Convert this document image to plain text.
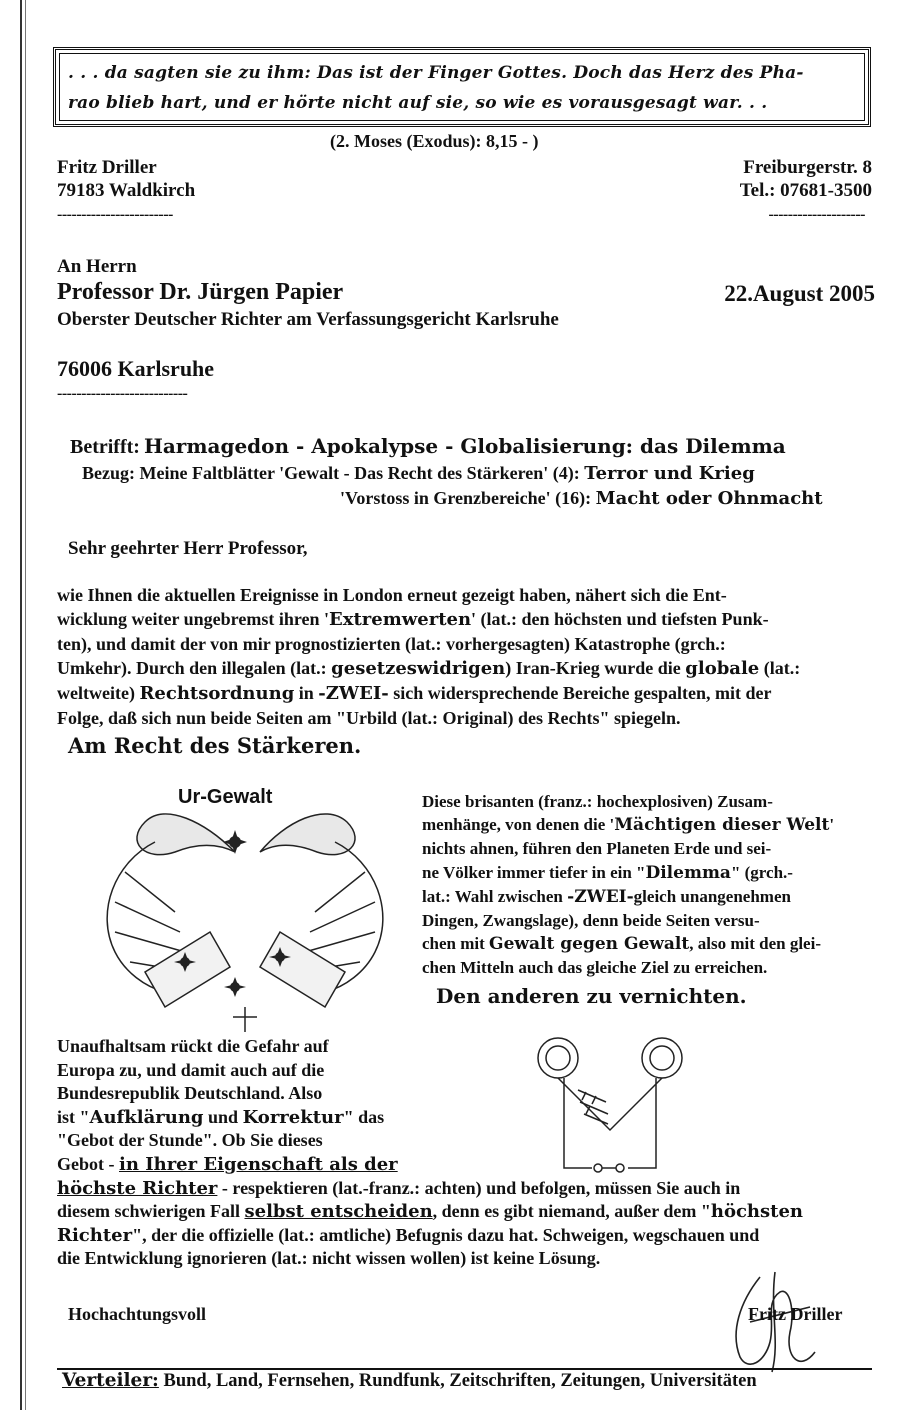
. . . da sagten sie zu ihm: Das ist der Finger Gottes. Doch das Herz des Pha-
rao blieb hart, und er hörte nicht auf sie, so wie es vorausgesagt war. . .
(2. Moses (Exodus): 8,15 - )
Fritz Driller
79183 Waldkirch
------------------------
Freiburgerstr. 8
Tel.: 07681-3500
--------------------
An Herrn
Professor Dr. Jürgen Papier	22.August 2005
Oberster Deutscher Richter am Verfassungsgericht Karlsruhe
76006 Karlsruhe
---------------------------
Betrifft: Harmagedon - Apokalypse - Globalisierung: das Dilemma
Bezug: Meine Faltblätter 'Gewalt - Das Recht des Stärkeren' (4): Terror und Krieg
'Vorstoss in Grenzbereiche' (16): Macht oder Ohnmacht
Sehr geehrter Herr Professor,
wie Ihnen die aktuellen Ereignisse in London erneut gezeigt haben, nähert sich die Ent-
wicklung weiter ungebremst ihren 'Extremwerten' (lat.: den höchsten und tiefsten Punk-
ten), und damit der von mir prognostizierten (lat.: vorhergesagten) Katastrophe (grch.:
Umkehr). Durch den illegalen (lat.: gesetzeswidrigen) Iran-Krieg wurde die globale (lat.:
weltweite) Rechtsordnung in -ZWEI- sich widersprechende Bereiche gespalten, mit der
Folge, daß sich nun beide Seiten am "Urbild (lat.: Original) des Rechts" spiegeln.
Am Recht des Stärkeren.
Ur-Gewalt	Diese brisanten (franz.: hochexplosiven) Zusam-
menhänge, von denen die 'Mächtigen dieser Welt'
nichts ahnen, führen den Planeten Erde und sei-
ne Völker immer tiefer in ein "Dilemma" (grch.-
lat.: Wahl zwischen -ZWEI-gleich unangenehmen
Dingen, Zwangslage), denn beide Seiten versu-
chen mit Gewalt gegen Gewalt, also mit den glei-
chen Mitteln auch das gleiche Ziel zu erreichen.
Den anderen zu vernichten.
Unaufhaltsam rückt die Gefahr auf
Europa zu, und damit auch auf die
Bundesrepublik Deutschland. Also
ist "Aufklärung und Korrektur" das
"Gebot der Stunde". Ob Sie dieses
Gebot - in Ihrer Eigenschaft als der
höchste Richter - respektieren (lat.-franz.: achten) und befolgen, müssen Sie auch in
diesem schwierigen Fall selbst entscheiden, denn es gibt niemand, außer dem "höchsten
Richter", der die offizielle (lat.: amtliche) Befugnis dazu hat. Schweigen, wegschauen und
die Entwicklung ignorieren (lat.: nicht wissen wollen) ist keine Lösung.
Hochachtungsvoll	Fritz Driller
Verteiler: Bund, Land, Fernsehen, Rundfunk, Zeitschriften, Zeitungen, Universitäten
